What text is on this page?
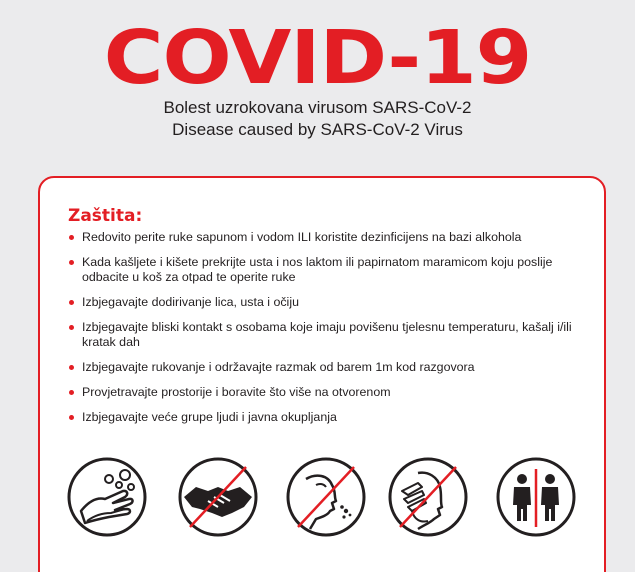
COVID-19
Bolest uzrokovana virusom SARS-CoV-2
Disease caused by SARS-CoV-2 Virus
Zaštita:
Redovito perite ruke sapunom i vodom ILI koristite dezinficijens na bazi alkohola
Kada kašljete i kišete prekrijte usta i nos laktom ili papirnatom maramicom koju poslije odbacite u koš za otpad te operite ruke
Izbjegavajte dodirivanje lica, usta i očiju
Izbjegavajte bliski kontakt s osobama koje imaju povišenu tjelesnu temperaturu, kašalj i/ili kratak dah
Izbjegavajte rukovanje i održavajte razmak od barem 1m kod razgovora
Provjetravajte prostorije i boravite što više na otvorenom
Izbjegavajte veće grupe ljudi i javna okupljanja
